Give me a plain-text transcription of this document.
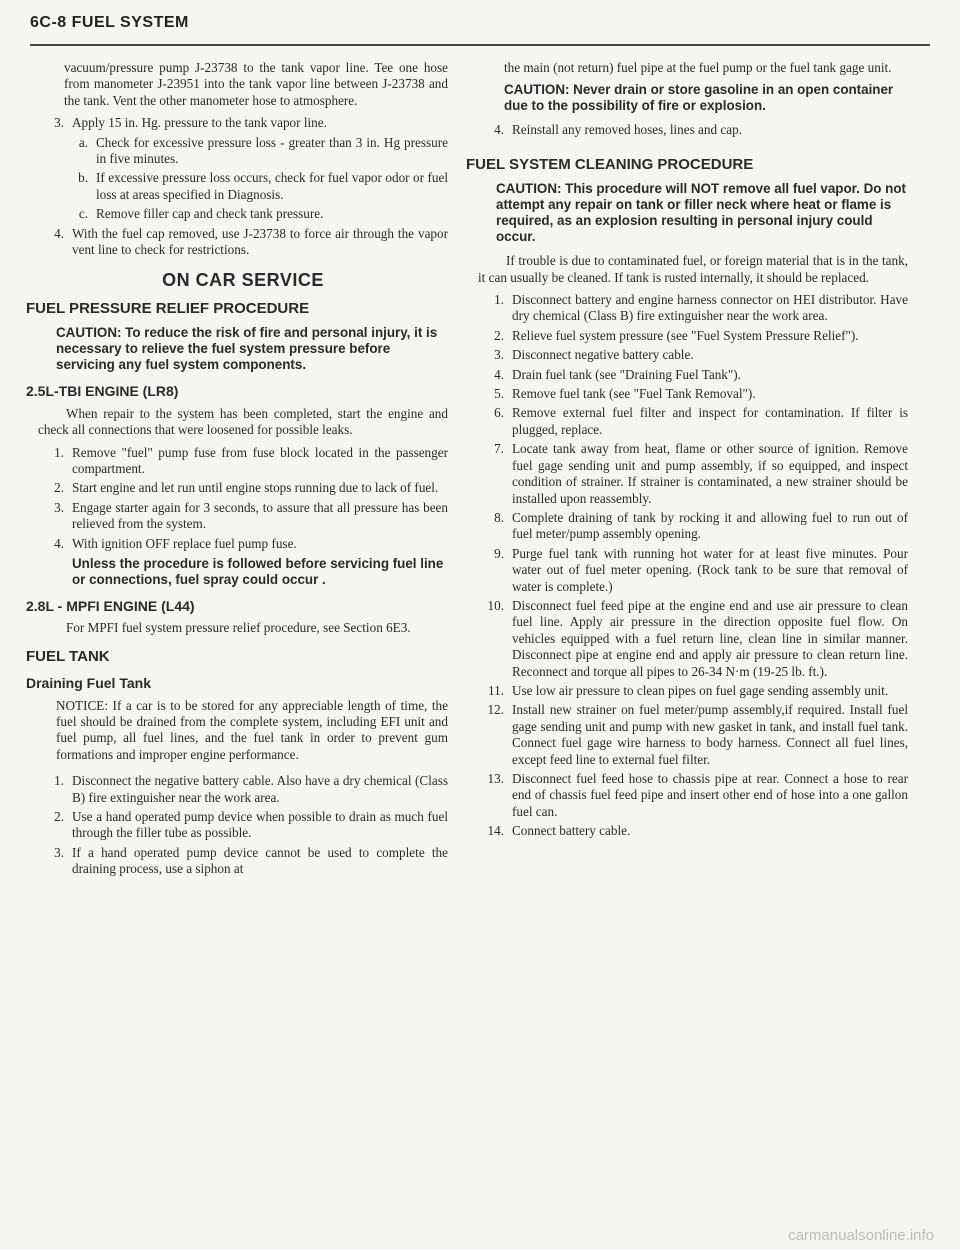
6C-8 FUEL SYSTEM

vacuum/pressure pump J-23738 to the tank vapor line. Tee one hose from manometer J-23951 into the tank vapor line between J-23738 and the tank. Vent the other manometer hose to atmosphere.

3. Apply 15 in. Hg. pressure to the tank vapor line.
a. Check for excessive pressure loss - greater than 3 in. Hg pressure in five minutes.
b. If excessive pressure loss occurs, check for fuel vapor odor or fuel loss at areas specified in Diagnosis.
c. Remove filler cap and check tank pressure.
4. With the fuel cap removed, use J-23738 to force air through the vapor vent line to check for restrictions.
ON CAR SERVICE
FUEL PRESSURE RELIEF PROCEDURE
CAUTION: To reduce the risk of fire and personal injury, it is necessary to relieve the fuel system pressure before servicing any fuel system components.
2.5L-TBI ENGINE (LR8)

When repair to the system has been completed, start the engine and check all connections that were loosened for possible leaks.

1. Remove "fuel" pump fuse from fuse block located in the passenger compartment.
2. Start engine and let run until engine stops running due to lack of fuel.
3. Engage starter again for 3 seconds, to assure that all pressure has been relieved from the system.
4. With ignition OFF replace fuel pump fuse.
Unless the procedure is followed before servicing fuel line or connections, fuel spray could occur .
2.8L - MPFI ENGINE (L44)

For MPFI fuel system pressure relief procedure, see Section 6E3.

FUEL TANK
Draining Fuel Tank

NOTICE: If a car is to be stored for any appreciable length of time, the fuel should be drained from the complete system, including EFI unit and fuel pump, all fuel lines, and the fuel tank in order to prevent gum formations and improper engine performance.

1. Disconnect the negative battery cable. Also have a dry chemical (Class B) fire extinguisher near the work area.
2. Use a hand operated pump device when possible to drain as much fuel through the filler tube as possible.
3. If a hand operated pump device cannot be used to complete the draining process, use a siphon at

the main (not return) fuel pipe at the fuel pump or the fuel tank gage unit.

CAUTION: Never drain or store gasoline in an open container due to the possibility of fire or explosion.
4. Reinstall any removed hoses, lines and cap.
FUEL SYSTEM CLEANING PROCEDURE
CAUTION: This procedure will NOT remove all fuel vapor. Do not attempt any repair on tank or filler neck where heat or flame is required, as an explosion resulting in personal injury could occur.

If trouble is due to contaminated fuel, or foreign material that is in the tank, it can usually be cleaned. If tank is rusted internally, it should be replaced.

1. Disconnect battery and engine harness connector on HEI distributor. Have dry chemical (Class B) fire extinguisher near the work area.
2. Relieve fuel system pressure (see "Fuel System Pressure Relief").
3. Disconnect negative battery cable.
4. Drain fuel tank (see "Draining Fuel Tank").
5. Remove fuel tank (see "Fuel Tank Removal").
6. Remove external fuel filter and inspect for contamination. If filter is plugged, replace.
7. Locate tank away from heat, flame or other source of ignition. Remove fuel gage sending unit and pump assembly, if so equipped, and inspect condition of strainer. If strainer is contaminated, a new strainer should be installed upon reassembly.
8. Complete draining of tank by rocking it and allowing fuel to run out of fuel meter/pump assembly opening.
9. Purge fuel tank with running hot water for at least five minutes. Pour water out of fuel meter opening. (Rock tank to be sure that removal of water is complete.)
10. Disconnect fuel feed pipe at the engine end and use air pressure to clean fuel line. Apply air pressure in the direction opposite fuel flow. On vehicles equipped with a fuel return line, clean line in similar manner. Disconnect pipe at engine end and apply air pressure to clean return line. Reconnect and torque all pipes to 26-34 N·m (19-25 lb. ft.).
11. Use low air pressure to clean pipes on fuel gage sending assembly unit.
12. Install new strainer on fuel meter/pump assembly,if required. Install fuel gage sending unit and pump with new gasket in tank, and install fuel tank. Connect fuel gage wire harness to body harness. Connect all fuel lines, except feed line to external fuel filter.
13. Disconnect fuel feed hose to chassis pipe at rear. Connect a hose to rear end of chassis fuel feed pipe and insert other end of hose into a one gallon fuel can.
14. Connect battery cable.
carmanualsonline.info
